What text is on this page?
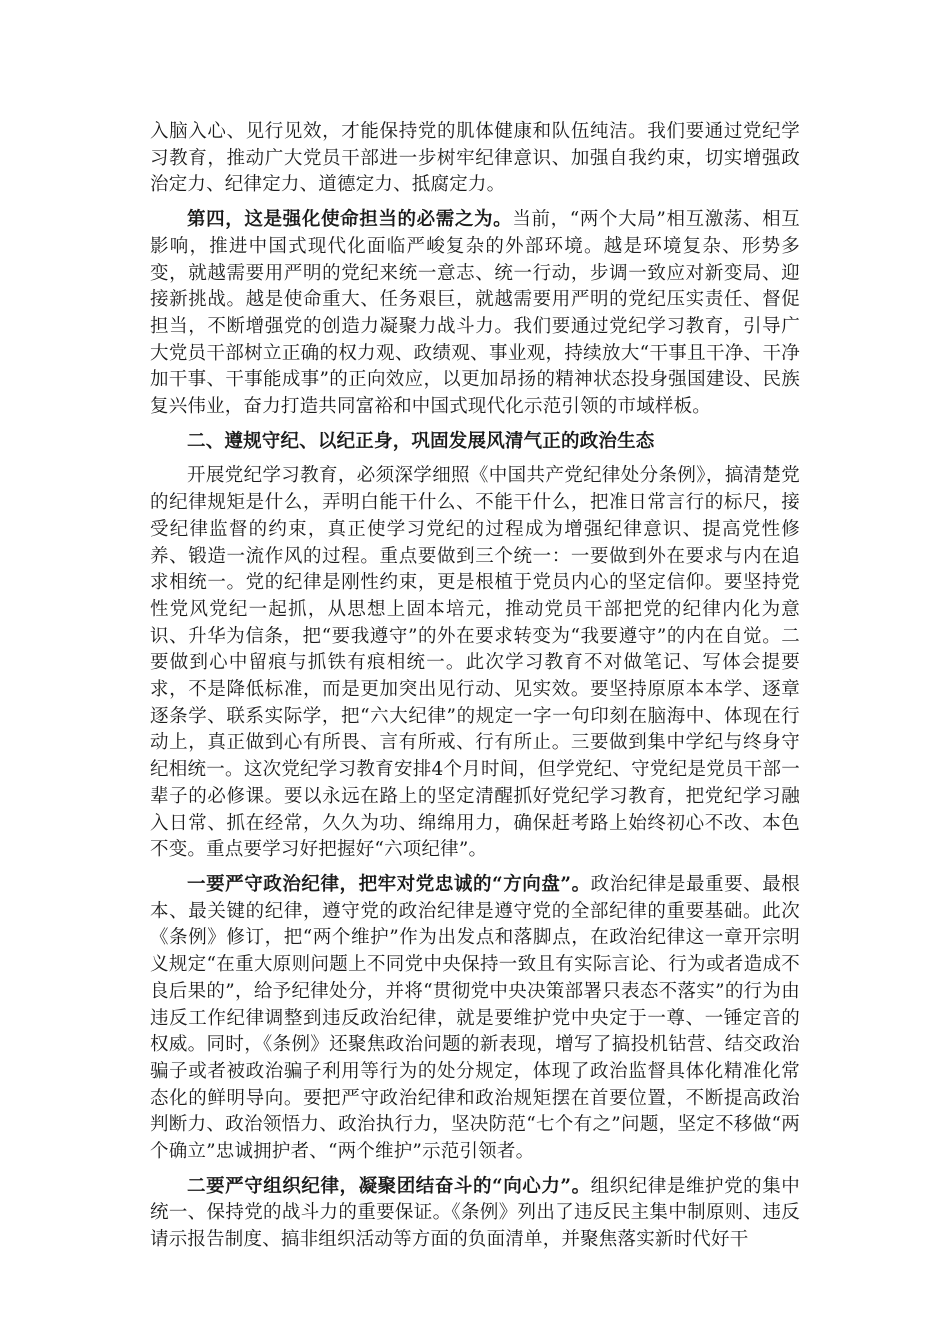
入脑入心、见行见效，才能保持党的肌体健康和队伍纯洁。我们要通过党纪学习教育，推动广大党员干部进一步树牢纪律意识、加强自我约束，切实增强政治定力、纪律定力、道德定力、抵腐定力。

第四，这是强化使命担当的必需之为。当前，“两个大局”相互激荡、相互影响，推进中国式现代化面临严峻复杂的外部环境。越是环境复杂、形势多变，就越需要用严明的党纪来统一意志、统一行动，步调一致应对新变局、迎接新挑战。越是使命重大、任务艰巨，就越需要用严明的党纪压实责任、督促担当，不断增强党的创造力凝聚力战斗力。我们要通过党纪学习教育，引导广大党员干部树立正确的权力观、政绩观、事业观，持续放大“干事且干净、干净加干事、干事能成事”的正向效应，以更加昂扬的精神状态投身强国建设、民族复兴伟业，奋力打造共同富裕和中国式现代化示范引领的市域样板。

二、遵规守纪、以纪正身，巩固发展风清气正的政治生态

开展党纪学习教育，必须深学细照《中国共产党纪律处分条例》，搞清楚党的纪律规矩是什么，弄明白能干什么、不能干什么，把准日常言行的标尺，接受纪律监督的约束，真正使学习党纪的过程成为增强纪律意识、提高党性修养、锻造一流作风的过程。重点要做到三个统一：一要做到外在要求与内在追求相统一。党的纪律是刚性约束，更是根植于党员内心的坚定信仰。要坚持党性党风党纪一起抓，从思想上固本培元，推动党员干部把党的纪律内化为意识、升华为信条，把“要我遵守”的外在要求转变为“我要遵守”的内在自觉。二要做到心中留痕与抓铁有痕相统一。此次学习教育不对做笔记、写体会提要求，不是降低标准，而是更加突出见行动、见实效。要坚持原原本本学、逐章逐条学、联系实际学，把“六大纪律”的规定一字一句印刻在脑海中、体现在行动上，真正做到心有所畏、言有所戒、行有所止。三要做到集中学纪与终身守纪相统一。这次党纪学习教育安排4个月时间，但学党纪、守党纪是党员干部一辈子的必修课。要以永远在路上的坚定清醒抓好党纪学习教育，把党纪学习融入日常、抓在经常，久久为功、绵绵用力，确保赶考路上始终初心不改、本色不变。重点要学习好把握好“六项纪律”。

一要严守政治纪律，把牢对党忠诚的“方向盘”。政治纪律是最重要、最根本、最关键的纪律，遵守党的政治纪律是遵守党的全部纪律的重要基础。此次《条例》修订，把“两个维护”作为出发点和落脚点，在政治纪律这一章开宗明义规定“在重大原则问题上不同党中央保持一致且有实际言论、行为或者造成不良后果的”，给予纪律处分，并将“贯彻党中央决策部署只表态不落实”的行为由违反工作纪律调整到违反政治纪律，就是要维护党中央定于一尊、一锤定音的权威。同时，《条例》还聚焦政治问题的新表现，增写了搞投机钻营、结交政治骗子或者被政治骗子利用等行为的处分规定，体现了政治监督具体化精准化常态化的鲜明导向。要把严守政治纪律和政治规矩摆在首要位置，不断提高政治判断力、政治领悟力、政治执行力，坚决防范“七个有之”问题，坚定不移做“两个确立”忠诚拥护者、“两个维护”示范引领者。

二要严守组织纪律，凝聚团结奋斗的“向心力”。组织纪律是维护党的集中统一、保持党的战斗力的重要保证。《条例》列出了违反民主集中制原则、违反请示报告制度、搞非组织活动等方面的负面清单，并聚焦落实新时代好干
